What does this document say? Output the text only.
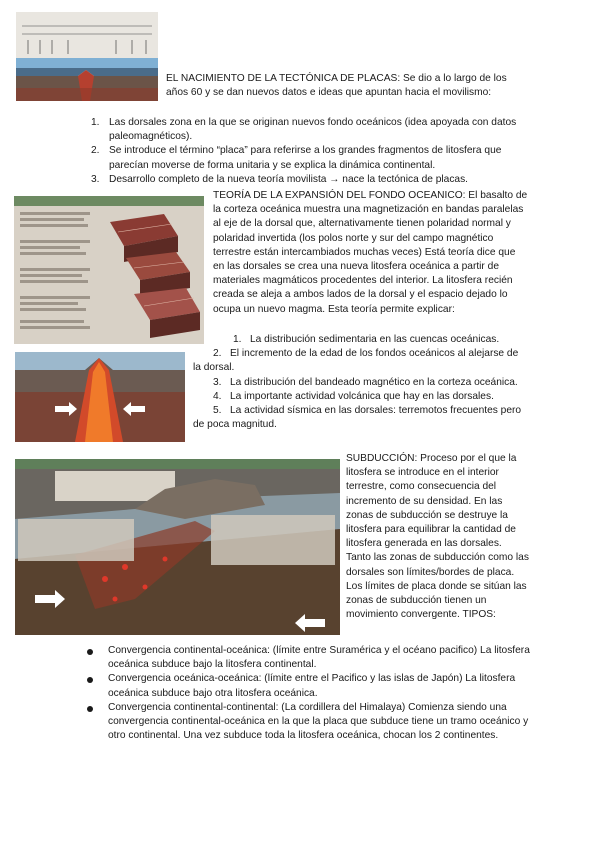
EL NACIMIENTO DE LA TECTÓNICA DE PLACAS: Se dio a lo largo de los años 60 y se dan nuevos datos e ideas que apuntan hacia el movilismo:
1. Las dorsales zona en la que se originan nuevos fondo oceánicos (idea apoyada con datos paleomagnéticos).
2. Se introduce el término “placa” para referirse a los grandes fragmentos de litosfera que parecían moverse de forma unitaria y se explica la dinámica continental.
3. Desarrollo completo de la nueva teoría movilista → nace la tectónica de placas.
TEORÍA DE LA EXPANSIÓN DEL FONDO OCEANICO: El basalto de la corteza oceánica muestra una magnetización en bandas paralelas al eje de la dorsal que, alternativamente tienen polaridad normal y polaridad invertida (los polos norte y sur del campo magnético terrestre están intercambiados muchas veces) Está teoría dice que en las dorsales se crea una nueva litosfera oceánica a partir de materiales magmáticos procedentes del interior. La litosfera recién creada se aleja a ambos lados de la dorsal y el espacio dejado lo ocupa un nuevo magma. Esta teoría permite explicar:
1. La distribución sedimentaria en las cuencas oceánicas.
2. El incremento de la edad de los fondos oceánicos al alejarse de la dorsal.
3. La distribución del bandeado magnético en la corteza oceánica.
4. La importante actividad volcánica que hay en las dorsales.
5. La actividad sísmica en las dorsales: terremotos frecuentes pero de poca magnitud.
SUBDUCCIÓN: Proceso por el que la litosfera se introduce en el interior terrestre, como consecuencia del incremento de su densidad. En las zonas de subducción se destruye la litosfera para equilibrar la cantidad de litosfera generada en las dorsales. Tanto las zonas de subducción como las dorsales son límites/bordes de placa. Los límites de placa donde se sitúan las zonas de subducción tienen un movimiento convergente. TIPOS:
Convergencia continental-oceánica: (límite entre Suramérica y el océano pacifico) La litosfera oceánica subduce bajo la litosfera continental.
Convergencia oceánica-oceánica: (límite entre el Pacifico y las islas de Japón) La litosfera oceánica subduce bajo otra litosfera oceánica.
Convergencia continental-continental: (La cordillera del Himalaya) Comienza siendo una convergencia continental-oceánica en la que la placa que subduce tiene un tramo oceánico y otro continental. Una vez subduce toda la litosfera oceánica, chocan los 2 continentes.
